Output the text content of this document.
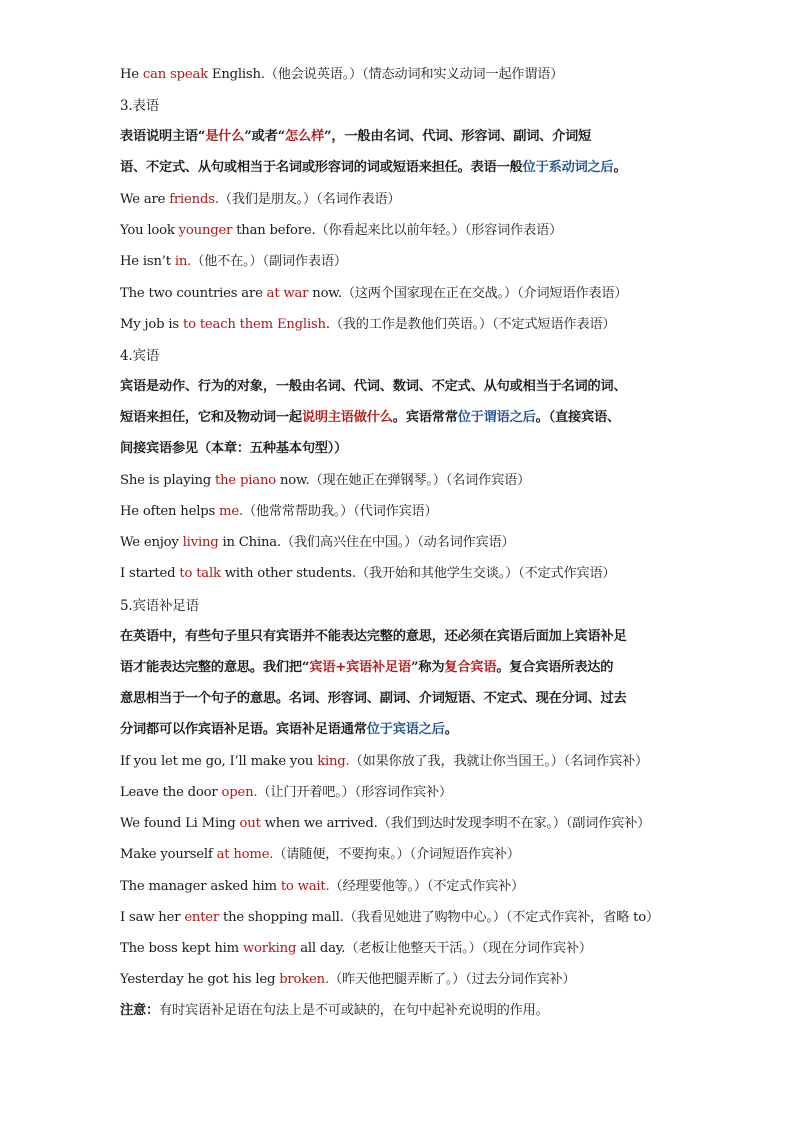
He can speak English.（他会说英语。）（情态动词和实义动词一起作谓语）
3.表语
表语说明主语“是什么”或者“怎么样”，一般由名词、代词、形容词、副词、介词短
语、不定式、从句或相当于名词或形容词的词或短语来担任。表语一般位于系动词之后。
We are friends.（我们是朋友。）（名词作表语）
You look younger than before.（你看起来比以前年轻。）（形容词作表语）
He isn’t in.（他不在。）（副词作表语）
The two countries are at war now.（这两个国家现在正在交战。）（介词短语作表语）
My job is to teach them English.（我的工作是教他们英语。）（不定式短语作表语）
4.宾语
宾语是动作、行为的对象，一般由名词、代词、数词、不定式、从句或相当于名词的词、
短语来担任，它和及物动词一起说明主语做什么。宾语常常位于谓语之后。（直接宾语、
间接宾语参见（本章：五种基本句型））
She is playing the piano now.（现在她正在弹钢琴。）（名词作宾语）
He often helps me.（他常常帮助我。）（代词作宾语）
We enjoy living in China.（我们高兴住在中国。）（动名词作宾语）
I started to talk with other students.（我开始和其他学生交谈。）（不定式作宾语）
5.宾语补足语
在英语中，有些句子里只有宾语并不能表达完整的意思，还必须在宾语后面加上宾语补足
语才能表达完整的意思。我们把“宾语+宾语补足语”称为复合宾语。复合宾语所表达的
意思相当于一个句子的意思。名词、形容词、副词、介词短语、不定式、现在分词、过去
分词都可以作宾语补足语。宾语补足语通常位于宾语之后。
If you let me go, I’ll make you king.（如果你放了我，我就让你当国王。）（名词作宾补）
Leave the door open.（让门开着吧。）（形容词作宾补）
We found Li Ming out when we arrived.（我们到达时发现李明不在家。）（副词作宾补）
Make yourself at home.（请随便，不要拘束。）（介词短语作宾补）
The manager asked him to wait.（经理要他等。）（不定式作宾补）
I saw her enter the shopping mall.（我看见她进了购物中心。）（不定式作宾补，省略 to）
The boss kept him working all day.（老板让他整天干活。）（现在分词作宾补）
Yesterday he got his leg broken.（昨天他把腿弄断了。）（过去分词作宾补）
注意：有时宾语补足语在句法上是不可或缺的，在句中起补充说明的作用。
